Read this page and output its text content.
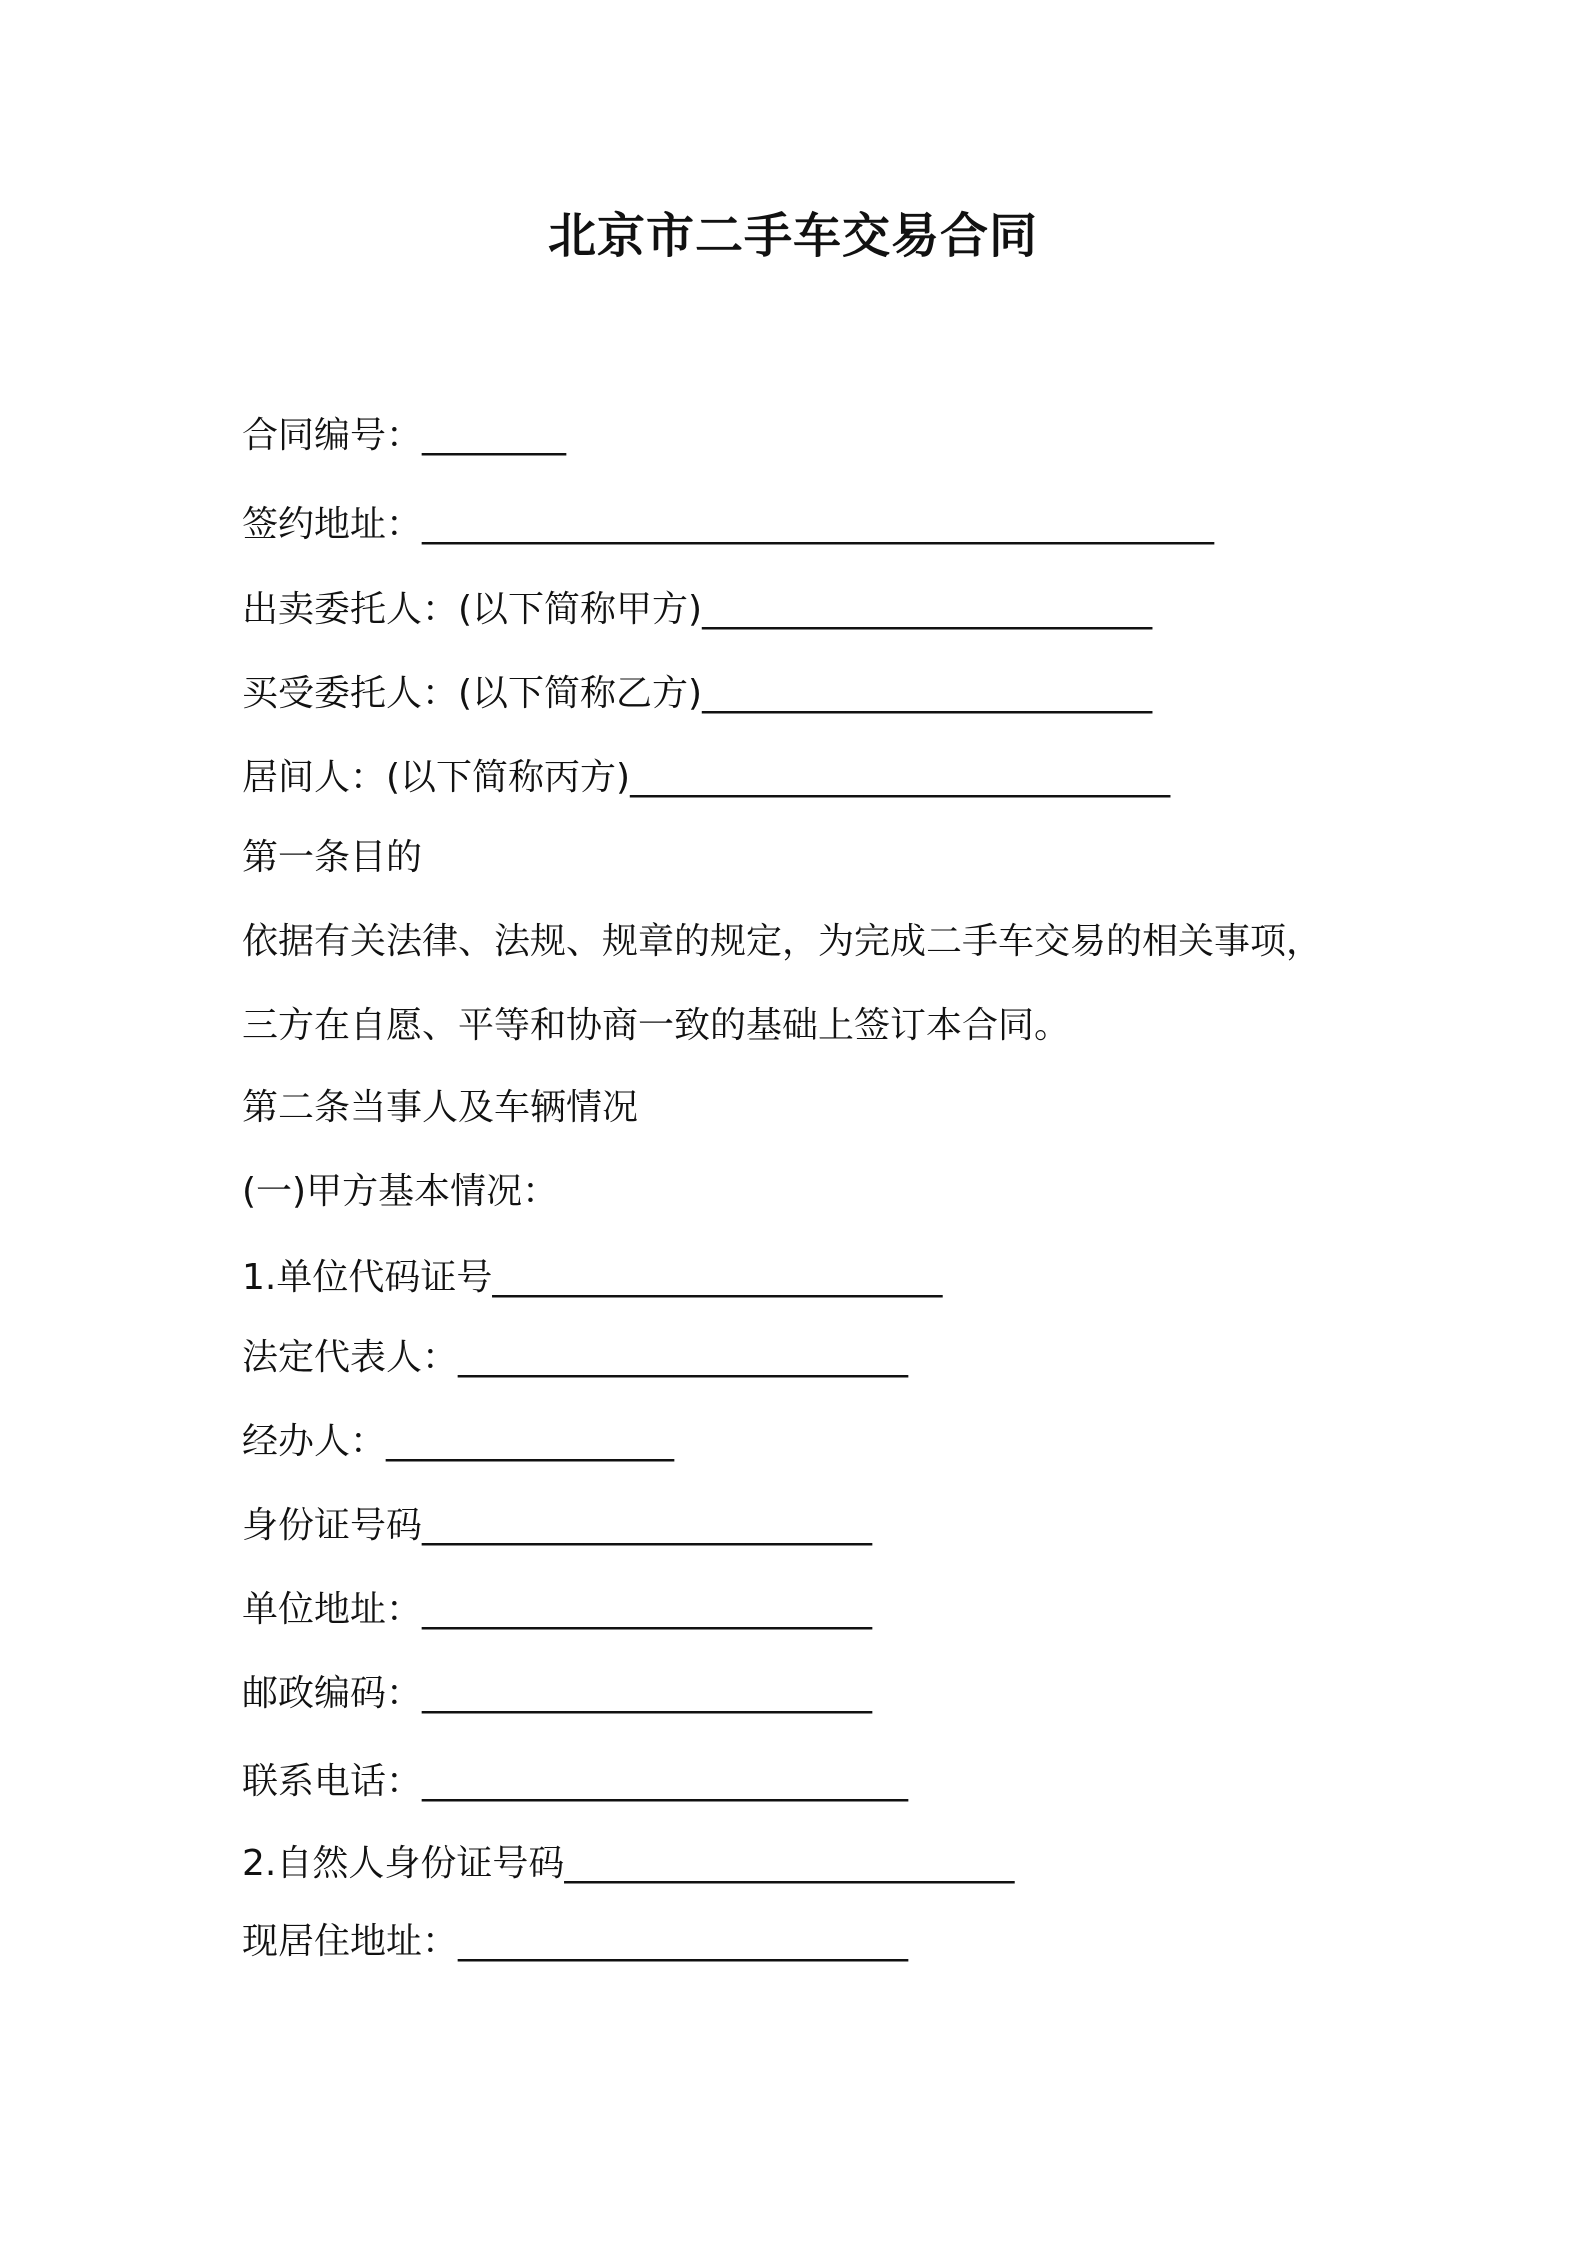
北京市二手车交易合同
合同编号：________
签约地址：____________________________________________
出卖委托人：(以下简称甲方)_________________________
买受委托人：(以下简称乙方)_________________________
居间人：(以下简称丙方)______________________________
第一条目的
依据有关法律、法规、规章的规定，为完成二手车交易的相关事项，
三方在自愿、平等和协商一致的基础上签订本合同。
第二条当事人及车辆情况
(一)甲方基本情况：
1.单位代码证号_________________________
法定代表人：_________________________
经办人：________________
身份证号码_________________________
单位地址：_________________________
邮政编码：_________________________
联系电话：___________________________
2.自然人身份证号码_________________________
现居住地址：_________________________
